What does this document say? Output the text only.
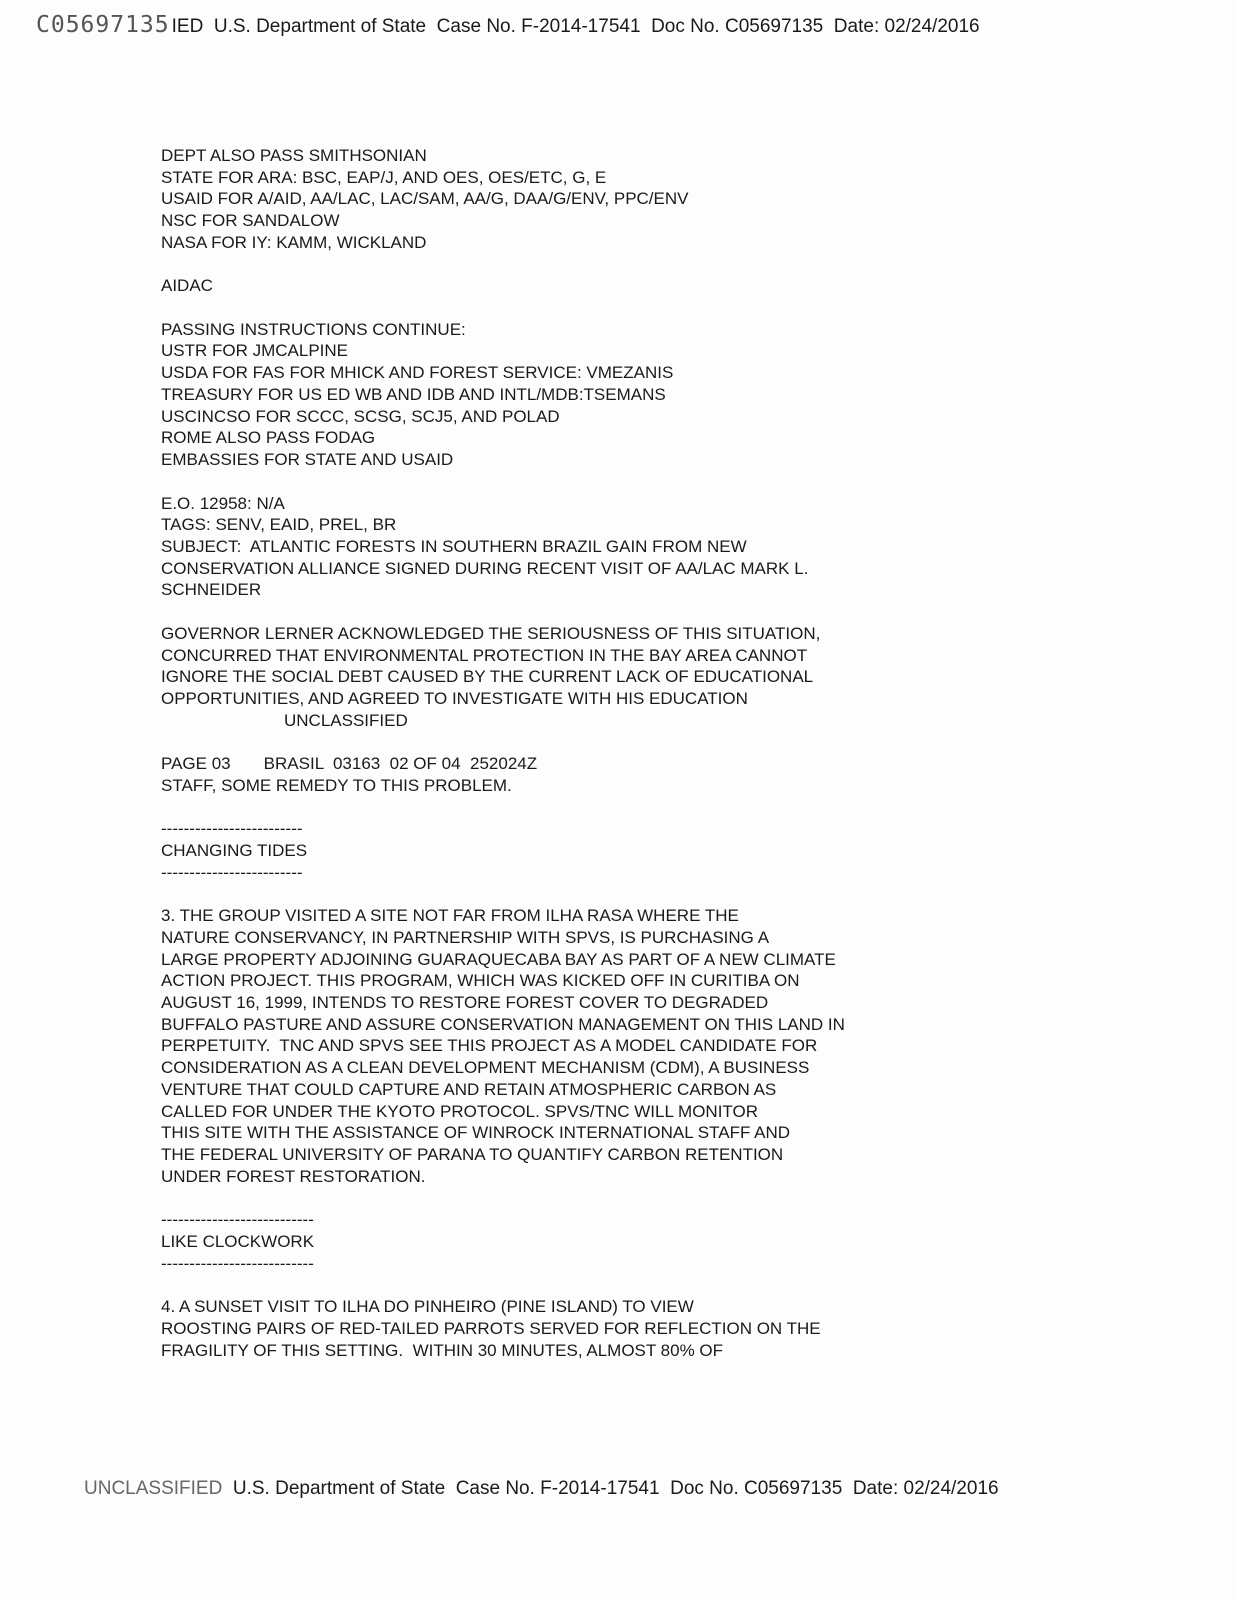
C05697135 IED  U.S. Department of State  Case No. F-2014-17541  Doc No. C05697135  Date: 02/24/2016
DEPT ALSO PASS SMITHSONIAN
STATE FOR ARA: BSC, EAP/J, AND OES, OES/ETC, G, E
USAID FOR A/AID, AA/LAC, LAC/SAM, AA/G, DAA/G/ENV, PPC/ENV
NSC FOR SANDALOW
NASA FOR IY: KAMM, WICKLAND
AIDAC
PASSING INSTRUCTIONS CONTINUE:
USTR FOR JMCALPINE
USDA FOR FAS FOR MHICK AND FOREST SERVICE: VMEZANIS
TREASURY FOR US ED WB AND IDB AND INTL/MDB:TSEMANS
USCINCSO FOR SCCC, SCSG, SCJ5, AND POLAD
ROME ALSO PASS FODAG
EMBASSIES FOR STATE AND USAID
E.O. 12958: N/A
TAGS: SENV, EAID, PREL, BR
SUBJECT:  ATLANTIC FORESTS IN SOUTHERN BRAZIL GAIN FROM NEW
CONSERVATION ALLIANCE SIGNED DURING RECENT VISIT OF AA/LAC MARK L.
SCHNEIDER
GOVERNOR LERNER ACKNOWLEDGED THE SERIOUSNESS OF THIS SITUATION,
CONCURRED THAT ENVIRONMENTAL PROTECTION IN THE BAY AREA CANNOT
IGNORE THE SOCIAL DEBT CAUSED BY THE CURRENT LACK OF EDUCATIONAL
OPPORTUNITIES, AND AGREED TO INVESTIGATE WITH HIS EDUCATION
UNCLASSIFIED
PAGE 03       BRASIL  03163  02 OF 04  252024Z
STAFF, SOME REMEDY TO THIS PROBLEM.
-------------------------
CHANGING TIDES
-------------------------
3. THE GROUP VISITED A SITE NOT FAR FROM ILHA RASA WHERE THE
NATURE CONSERVANCY, IN PARTNERSHIP WITH SPVS, IS PURCHASING A
LARGE PROPERTY ADJOINING GUARAQUECABA BAY AS PART OF A NEW CLIMATE
ACTION PROJECT. THIS PROGRAM, WHICH WAS KICKED OFF IN CURITIBA ON
AUGUST 16, 1999, INTENDS TO RESTORE FOREST COVER TO DEGRADED
BUFFALO PASTURE AND ASSURE CONSERVATION MANAGEMENT ON THIS LAND IN
PERPETUITY.  TNC AND SPVS SEE THIS PROJECT AS A MODEL CANDIDATE FOR
CONSIDERATION AS A CLEAN DEVELOPMENT MECHANISM (CDM), A BUSINESS
VENTURE THAT COULD CAPTURE AND RETAIN ATMOSPHERIC CARBON AS
CALLED FOR UNDER THE KYOTO PROTOCOL. SPVS/TNC WILL MONITOR
THIS SITE WITH THE ASSISTANCE OF WINROCK INTERNATIONAL STAFF AND
THE FEDERAL UNIVERSITY OF PARANA TO QUANTIFY CARBON RETENTION
UNDER FOREST RESTORATION.
---------------------------
LIKE CLOCKWORK
---------------------------
4. A SUNSET VISIT TO ILHA DO PINHEIRO (PINE ISLAND) TO VIEW
ROOSTING PAIRS OF RED-TAILED PARROTS SERVED FOR REFLECTION ON THE
FRAGILITY OF THIS SETTING.  WITHIN 30 MINUTES, ALMOST 80% OF
UNCLASSIFIED  U.S. Department of State  Case No. F-2014-17541  Doc No. C05697135  Date: 02/24/2016
